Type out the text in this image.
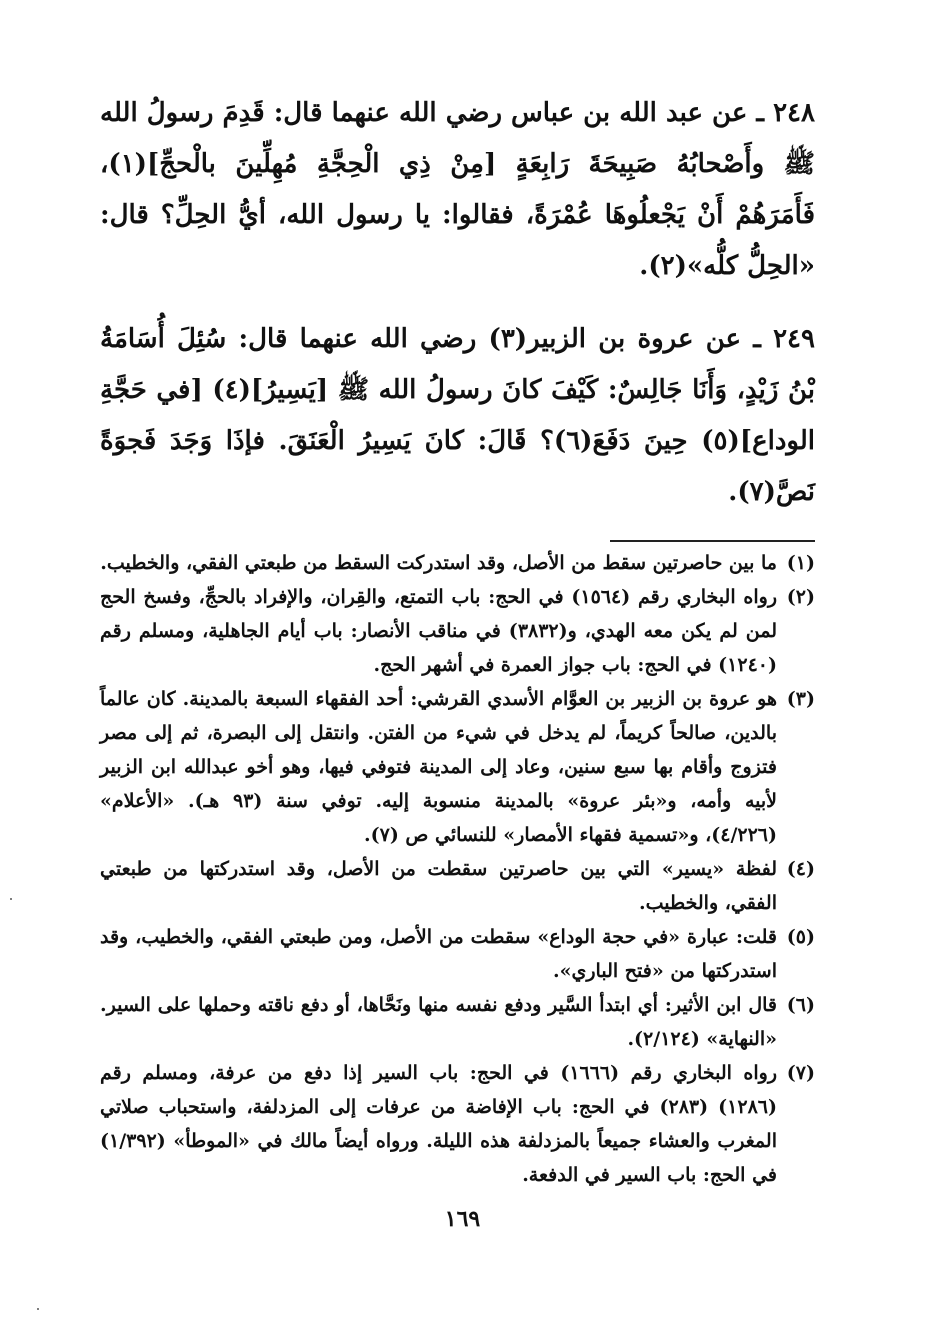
٢٤٨ ـ عن عبد الله بن عباس رضي الله عنهما قال: قَدِمَ رسولُ الله ﷺ وأَصْحابُهُ صَبِيحَةَ رَابِعَةٍ [مِنْ ذِي الْحِجَّةِ مُهِلِّينَ بالْحجِّ](١)، فَأَمَرَهُمْ أَنْ يَجْعلُوهَا عُمْرَةً، فقالوا: يا رسول الله، أيُّ الحِلِّ؟ قال: «الحِلُّ كلُّه»(٢).

٢٤٩ ـ عن عروة بن الزبير(٣) رضي الله عنهما قال: سُئِلَ أُسَامَةُ بْنُ زَيْدٍ، وَأَنَا جَالِسٌ: كَيْفَ كانَ رسولُ الله ﷺ [يَسِيرُ](٤) [في حَجَّةِ الوداع](٥) حِينَ دَفَعَ(٦)؟ قَالَ: كانَ يَسِيرُ الْعَنَقَ. فإذَا وَجَدَ فَجوَةً نَصَّ(٧).

(١)ما بين حاصرتين سقط من الأصل، وقد استدركت السقط من طبعتي الفقي، والخطيب.
(٢)رواه البخاري رقم (١٥٦٤) في الحج: باب التمتع، والقِران، والإفراد بالحجِّ، وفسخ الحج لمن لم يكن معه الهدي، و(٣٨٣٢) في مناقب الأنصار: باب أيام الجاهلية، ومسلم رقم (١٢٤٠) في الحج: باب جواز العمرة في أشهر الحج.
(٣)هو عروة بن الزبير بن العوَّام الأسدي القرشي: أحد الفقهاء السبعة بالمدينة. كان عالماً بالدين، صالحاً كريماً، لم يدخل في شيء من الفتن. وانتقل إلى البصرة، ثم إلى مصر فتزوج وأقام بها سبع سنين، وعاد إلى المدينة فتوفي فيها، وهو أخو عبدالله ابن الزبير لأبيه وأمه، و«بئر عروة» بالمدينة منسوبة إليه. توفي سنة (٩٣ هـ). «الأعلام» (٤/٢٢٦)، و«تسمية فقهاء الأمصار» للنسائي ص (٧).
(٤)لفظة «يسير» التي بين حاصرتين سقطت من الأصل، وقد استدركتها من طبعتي الفقي، والخطيب.
(٥)قلت: عبارة «في حجة الوداع» سقطت من الأصل، ومن طبعتي الفقي، والخطيب، وقد استدركتها من «فتح الباري».
(٦)قال ابن الأثير: أي ابتدأ السَّير ودفع نفسه منها ونَحَّاها، أو دفع ناقته وحملها على السير. «النهاية» (٢/١٢٤).
(٧)رواه البخاري رقم (١٦٦٦) في الحج: باب السير إذا دفع من عرفة، ومسلم رقم (١٢٨٦) (٢٨٣) في الحج: باب الإفاضة من عرفات إلى المزدلفة، واستحباب صلاتي المغرب والعشاء جميعاً بالمزدلفة هذه الليلة. ورواه أيضاً مالك في «الموطأ» (١/٣٩٢) في الحج: باب السير في الدفعة.
١٦٩
